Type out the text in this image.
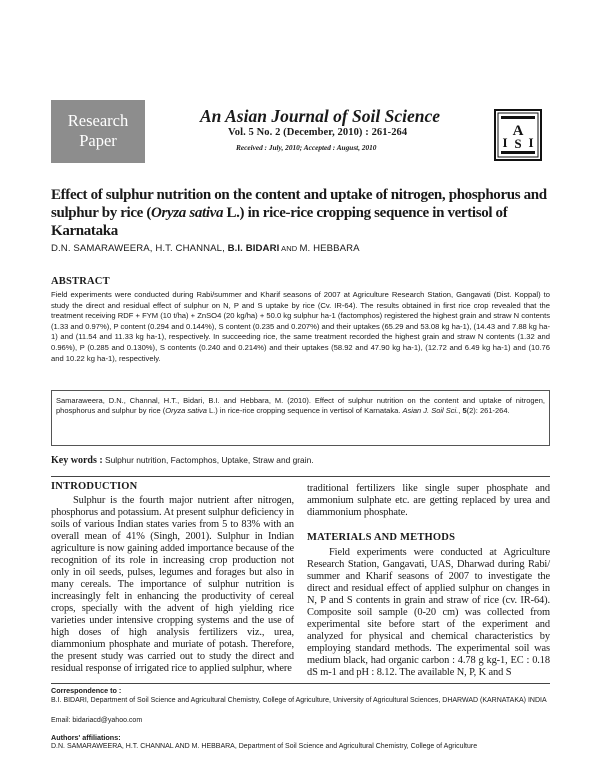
Research
Paper
An Asian Journal of Soil Science
Vol. 5 No. 2 (December, 2010) : 261-264
Received : July, 2010; Accepted : August, 2010
A
I S I
Effect of sulphur nutrition on the content and uptake of nitrogen, phosphorus and sulphur by rice (Oryza sativa L.) in rice-rice cropping sequence in vertisol of Karnataka
D.N. SAMARAWEERA, H.T. CHANNAL, B.I. BIDARI AND M. HEBBARA
ABSTRACT
Field experiments were conducted during Rabi/summer and Kharif seasons of 2007 at Agriculture Research Station, Gangavati (Dist. Koppal) to study the direct and residual effect of sulphur on N, P and S uptake by rice (Cv. IR-64). The results obtained in first rice crop revealed that the treatment receiving RDF + FYM (10 t/ha) + ZnSO4 (20 kg/ha) + 50.0 kg sulphur ha-1 (factomphos) registered the highest grain and straw N contents (1.33 and 0.97%), P content (0.294 and 0.144%), S content (0.235 and 0.207%) and their uptakes (65.29 and 53.08 kg ha-1), (14.43 and 7.88 kg ha-1) and (11.54 and 11.33 kg ha-1), respectively. In succeeding rice, the same treatment recorded the highest grain and straw N contents (1.32 and 0.96%), P (0.285 and 0.130%), S contents (0.240 and 0.214%) and their uptakes (58.92 and 47.90 kg ha-1), (12.72 and 6.49 kg ha-1) and (10.76 and 10.22 kg ha-1), respectively.
Samaraweera, D.N., Channal, H.T., Bidari, B.I. and Hebbara, M. (2010). Effect of sulphur nutrition on the content and uptake of nitrogen, phosphorus and sulphur by rice (Oryza sativa L.) in rice-rice cropping sequence in vertisol of Karnataka. Asian J. Soil Sci., 5(2): 261-264.
Key words : Sulphur nutrition, Factomphos, Uptake, Straw and grain.
INTRODUCTION

Sulphur is the fourth major nutrient after nitrogen, phosphorus and potassium. At present sulphur deficiency in soils of various Indian states varies from 5 to 83% with an overall mean of 41% (Singh, 2001). Sulphur in Indian agriculture is now gaining added importance because of the recognition of its role in increasing crop production not only in oil seeds, pulses, legumes and forages but also in many cereals. The importance of sulphur nutrition is increasingly felt in enhancing the productivity of cereal crops, specially with the advent of high yielding rice varieties under intensive cropping systems and the use of high doses of high analysis fertilizers viz., urea, diammonium phosphate and muriate of potash. Therefore, the present study was carried out to study the direct and residual response of irrigated rice to applied sulphur, where

traditional fertilizers like single super phosphate and ammonium sulphate etc. are getting replaced by urea and diammonium phosphate.

MATERIALS AND METHODS

Field experiments were conducted at Agriculture Research Station, Gangavati, UAS, Dharwad during Rabi/ summer and Kharif seasons of 2007 to investigate the direct and residual effect of applied sulphur on changes in N, P and S contents in grain and straw of rice (cv. IR-64). Composite soil sample (0-20 cm) was collected from experimental site before start of the experiment and analyzed for physical and chemical characteristics by employing standard methods. The experimental soil was medium black, had organic carbon : 4.78 g kg-1, EC : 0.18 dS m-1 and pH : 8.12. The available N, P, K and S

Correspondence to :
B.I. BIDARI, Department of Soil Science and Agricultural Chemistry, College of Agriculture, University of Agricultural Sciences, DHARWAD (KARNATAKA) INDIA
Email: bidariacd@yahoo.com
Authors' affiliations:
D.N. SAMARAWEERA, H.T. CHANNAL AND M. HEBBARA, Department of Soil Science and Agricultural Chemistry, College of Agriculture
